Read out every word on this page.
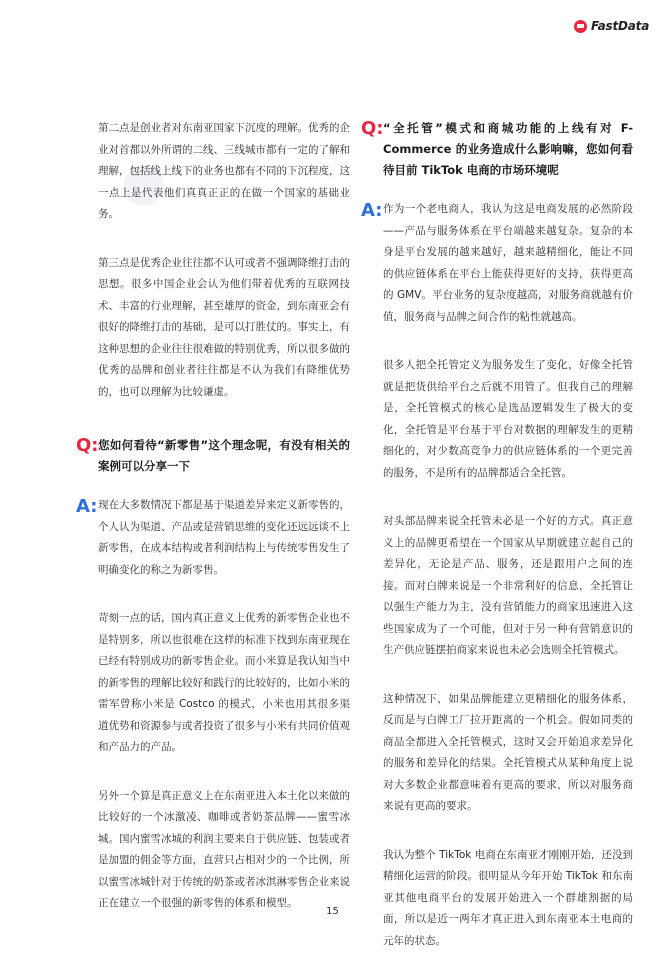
FastData
⬤

第二点是创业者对东南亚国家下沉度的理解。优秀的企业对首都以外所谓的二线、三线城市都有一定的了解和理解，包括线上线下的业务也都有不同的下沉程度，这一点上是代表他们真真正正的在做一个国家的基础业务。

第三点是优秀企业往往都不认可或者不强调降维打击的思想。很多中国企业会认为他们带着优秀的互联网技术、丰富的行业理解，甚至雄厚的资金，到东南亚会有很好的降维打击的基础，是可以打胜仗的。事实上，有这种思想的企业往往很难做的特别优秀，所以很多做的优秀的品牌和创业者往往都是不认为我们有降维优势的，也可以理解为比较谦虚。

Q: 您如何看待“新零售”这个理念呢，有没有相关的案例可以分享一下

A: 现在大多数情况下都是基于渠道差异来定义新零售的，个人认为渠道、产品或是营销思维的变化还远远谈不上新零售，在成本结构或者利润结构上与传统零售发生了明确变化的称之为新零售。

苛刻一点的话，国内真正意义上优秀的新零售企业也不是特别多，所以也很难在这样的标准下找到东南亚现在已经有特别成功的新零售企业。而小米算是我认知当中的新零售的理解比较好和践行的比较好的，比如小米的雷军曾称小米是 Costco 的模式，小米也用其很多渠道优势和资源参与或者投资了很多与小米有共同价值观和产品力的产品。

另外一个算是真正意义上在东南亚进入本土化以来做的比较好的一个冰激凌、咖啡或者奶茶品牌——蜜雪冰城。国内蜜雪冰城的利润主要来自于供应链、包装或者是加盟的佣金等方面，直营只占相对少的一个比例，所以蜜雪冰城针对于传统的奶茶或者冰淇淋零售企业来说正在建立一个很强的新零售的体系和模型。

Q: “全托管”模式和商城功能的上线有对 F-Commerce 的业务造成什么影响嘛，您如何看待目前 TikTok 电商的市场环境呢

A: 作为一个老电商人，我认为这是电商发展的必然阶段——产品与服务体系在平台端越来越复杂。复杂的本身是平台发展的越来越好，越来越精细化，能让不同的供应链体系在平台上能获得更好的支持，获得更高的 GMV。平台业务的复杂度越高，对服务商就越有价值，服务商与品牌之间合作的粘性就越高。

很多人把全托管定义为服务发生了变化，好像全托管就是把货供给平台之后就不用管了。但我自己的理解是，全托管模式的核心是选品逻辑发生了极大的变化，全托管是平台基于平台对数据的理解发生的更精细化的，对少数高竞争力的供应链体系的一个更完善的服务，不是所有的品牌都适合全托管。

对头部品牌来说全托管未必是一个好的方式。真正意义上的品牌更希望在一个国家从早期就建立起自己的差异化，无论是产品、服务，还是跟用户之间的连接。而对白牌来说是一个非常利好的信息，全托管让以强生产能力为主，没有营销能力的商家迅速进入这些国家成为了一个可能，但对于另一种有营销意识的生产供应链摆拍商家来说也未必会选则全托管模式。

这种情况下，如果品牌能建立更精细化的服务体系，反而是与白牌工厂拉开距离的一个机会。假如同类的商品全都进入全托管模式，这时又会开始追求差异化的服务和差异化的结果。全托管模式从某种角度上说对大多数企业都意味着有更高的要求，所以对服务商来说有更高的要求。

我认为整个 TikTok 电商在东南亚才刚刚开始，还没到精细化运营的阶段。很明显从今年开始 TikTok 和东南亚其他电商平台的发展开始进入一个群雄割据的局面，所以是近一两年才真正进入到东南亚本土电商的元年的状态。

15
